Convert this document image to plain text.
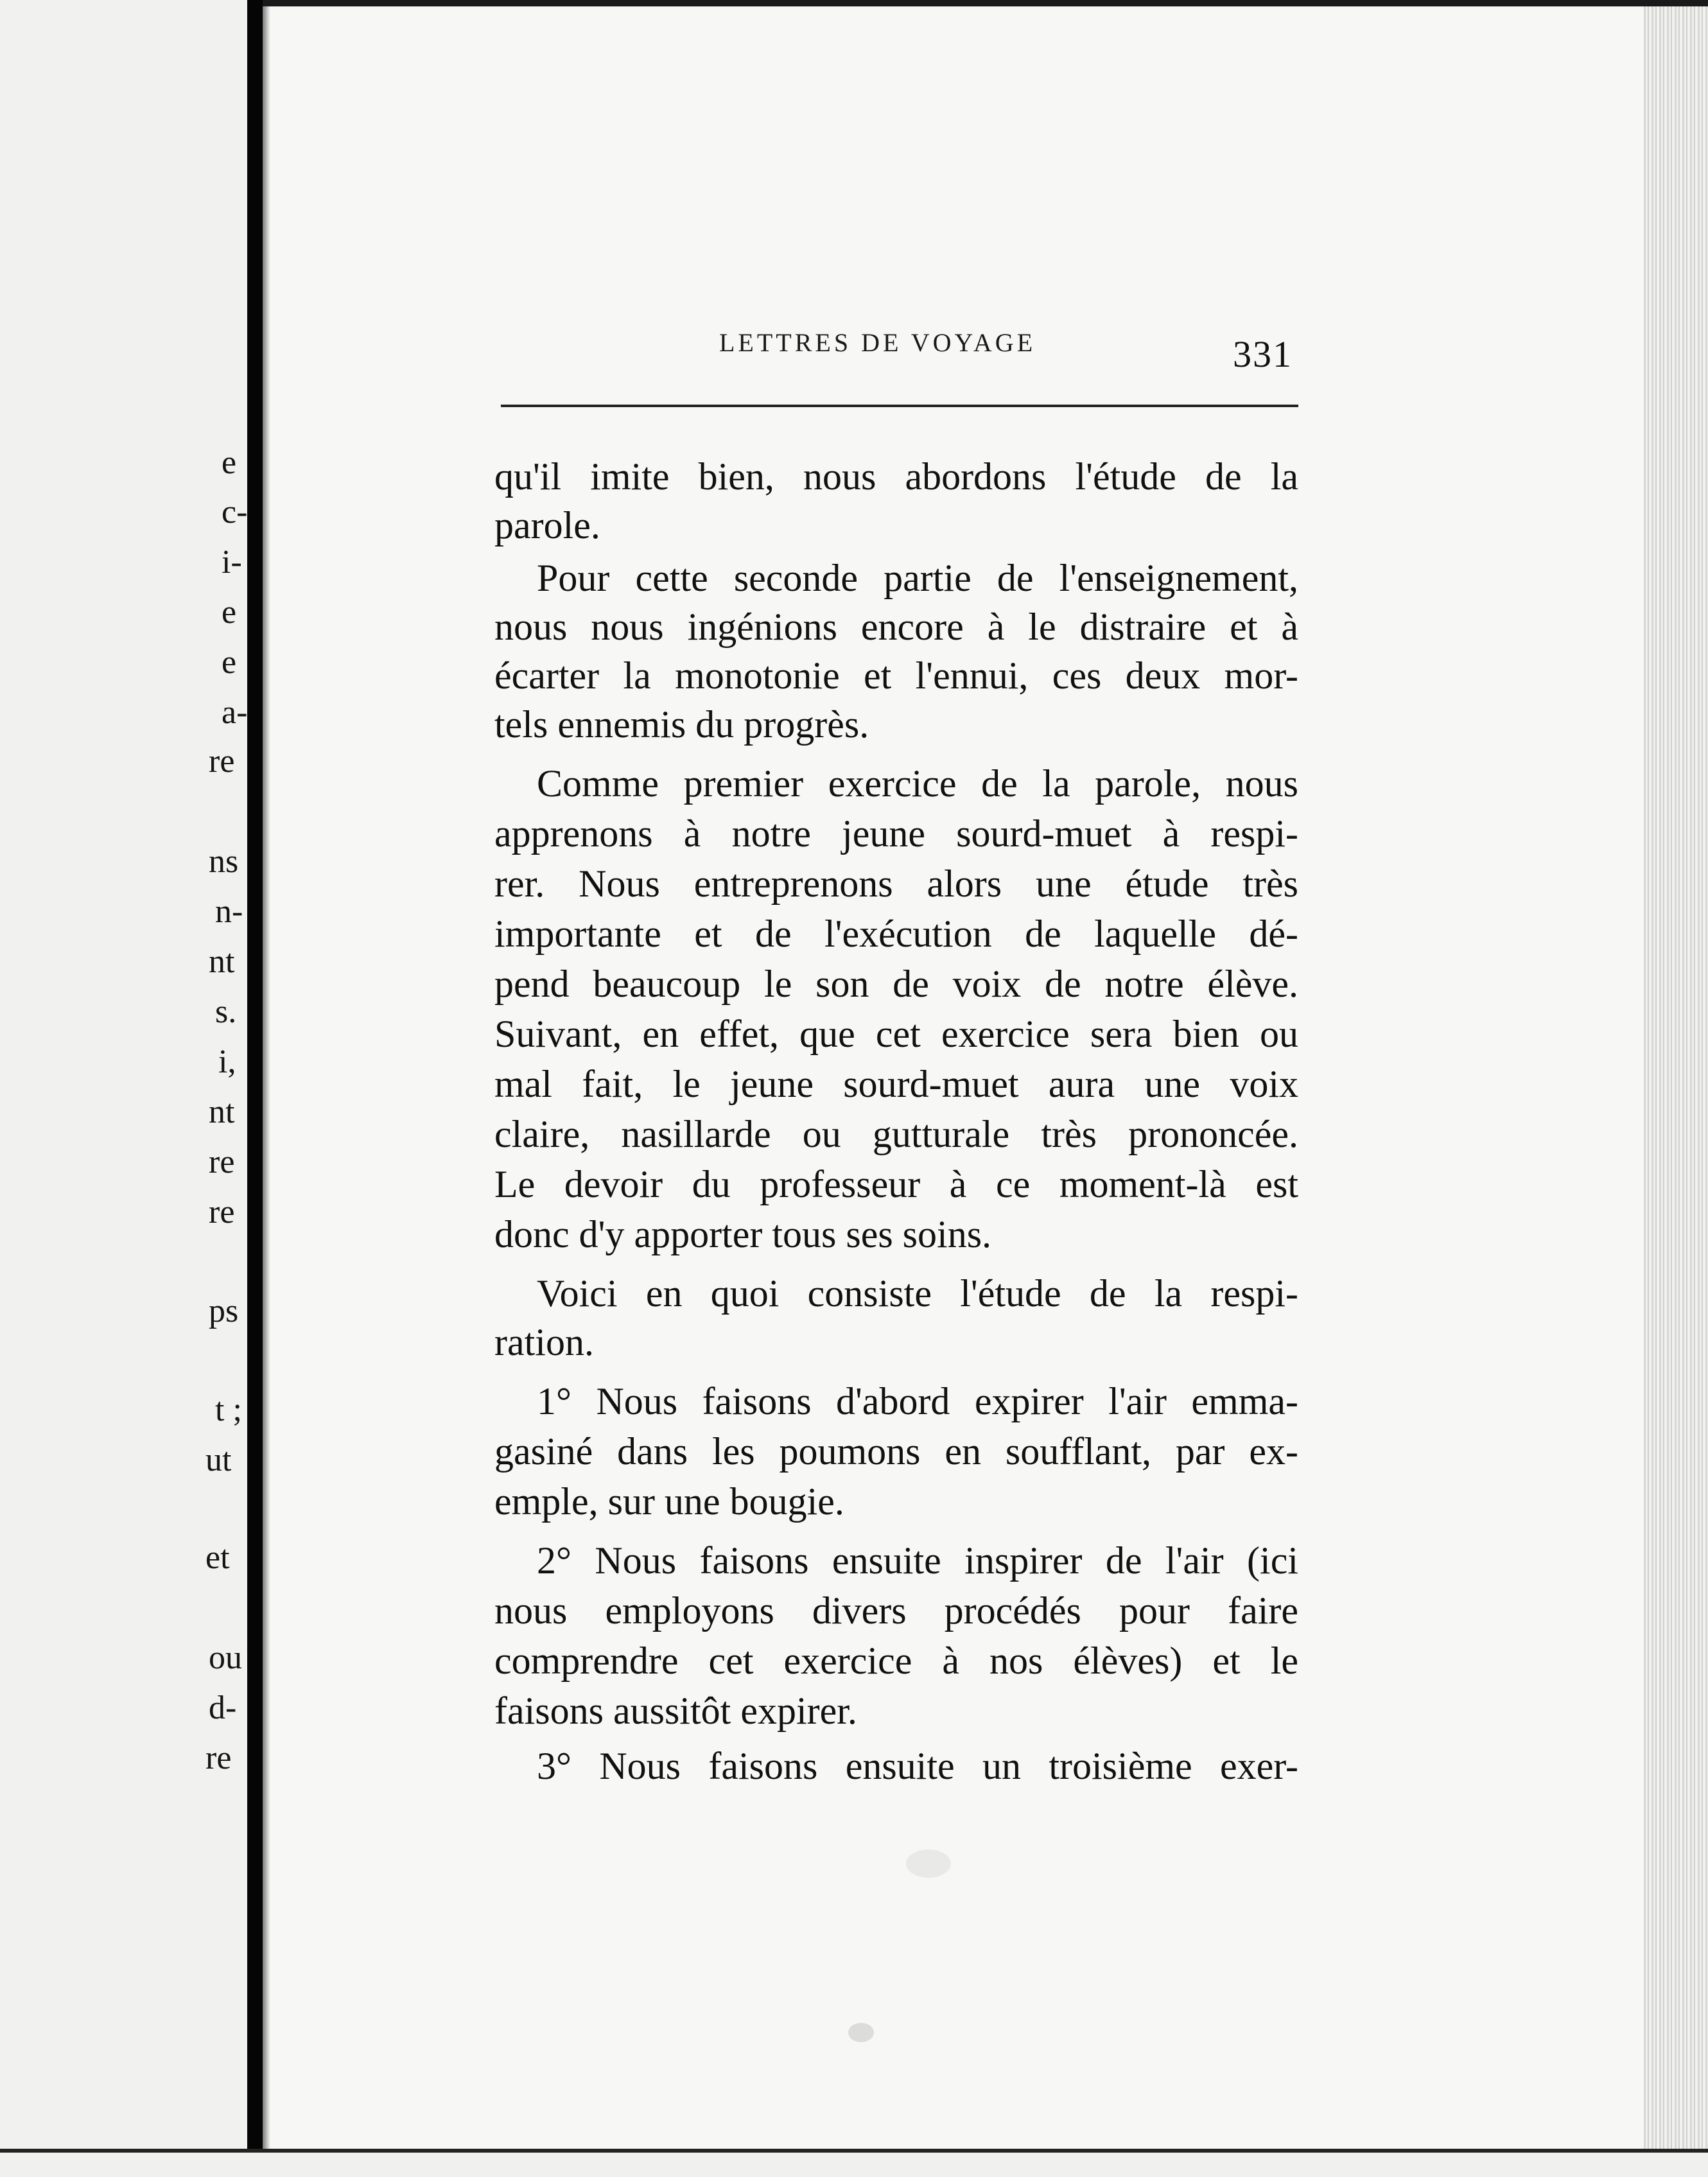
e
c-
i-
e
e
a-
re
ns
n-
nt
s.
i,
nt
re
re
ps
t ;
ut
et
ou
d-
re
LETTRES DE VOYAGE	331
qu'il imite bien, nous abordons l'étude de la
parole.
Pour cette seconde partie de l'enseignement,
nous nous ingénions encore à le distraire et à
écarter la monotonie et l'ennui, ces deux mor-
tels ennemis du progrès.
Comme premier exercice de la parole, nous
apprenons à notre jeune sourd-muet à respi-
rer. Nous entreprenons alors une étude très
importante et de l'exécution de laquelle dé-
pend beaucoup le son de voix de notre élève.
Suivant, en effet, que cet exercice sera bien ou
mal fait, le jeune sourd-muet aura une voix
claire, nasillarde ou gutturale très prononcée.
Le devoir du professeur à ce moment-là est
donc d'y apporter tous ses soins.
Voici en quoi consiste l'étude de la respi-
ration.
1° Nous faisons d'abord expirer l'air emma-
gasiné dans les poumons en soufflant, par ex-
emple, sur une bougie.
2° Nous faisons ensuite inspirer de l'air (ici
nous employons divers procédés pour faire
comprendre cet exercice à nos élèves) et le
faisons aussitôt expirer.
3° Nous faisons ensuite un troisième exer-
